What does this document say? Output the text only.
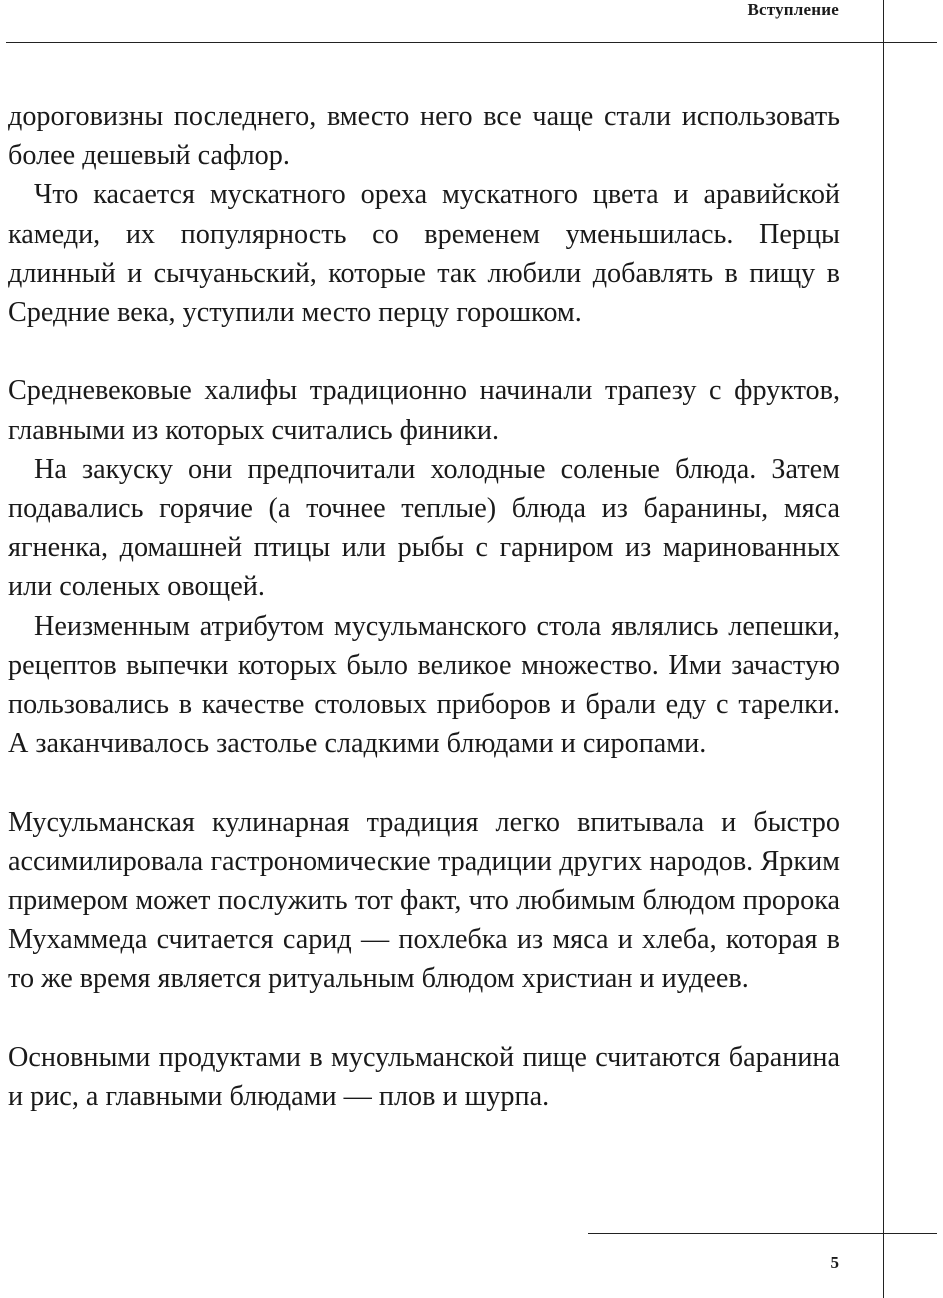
Вступление

дороговизны последнего, вместо него все чаще стали использовать более дешевый сафлор.

Что касается мускатного ореха мускатного цвета и аравийской камеди, их популярность со временем уменьшилась. Перцы длинный и сычуаньский, которые так любили добавлять в пищу в Средние века, уступили место перцу горошком.

Средневековые халифы традиционно начинали трапезу с фруктов, главными из которых считались финики.

На закуску они предпочитали холодные соленые блюда. Затем подавались горячие (а точнее теплые) блюда из баранины, мяса ягненка, домашней птицы или рыбы с гарниром из маринованных или соленых овощей.

Неизменным атрибутом мусульманского стола являлись лепешки, рецептов выпечки которых было великое множество. Ими зачастую пользовались в качестве столовых приборов и брали еду с тарелки. А заканчивалось застолье сладкими блюдами и сиропами.

Мусульманская кулинарная традиция легко впитывала и быстро ассимилировала гастрономические традиции других народов. Ярким примером может послужить тот факт, что любимым блюдом пророка Мухаммеда считается сарид — похлебка из мяса и хлеба, которая в то же время является ритуальным блюдом христиан и иудеев.

Основными продуктами в мусульманской пище считаются баранина и рис, а главными блюдами — плов и шурпа.

5
